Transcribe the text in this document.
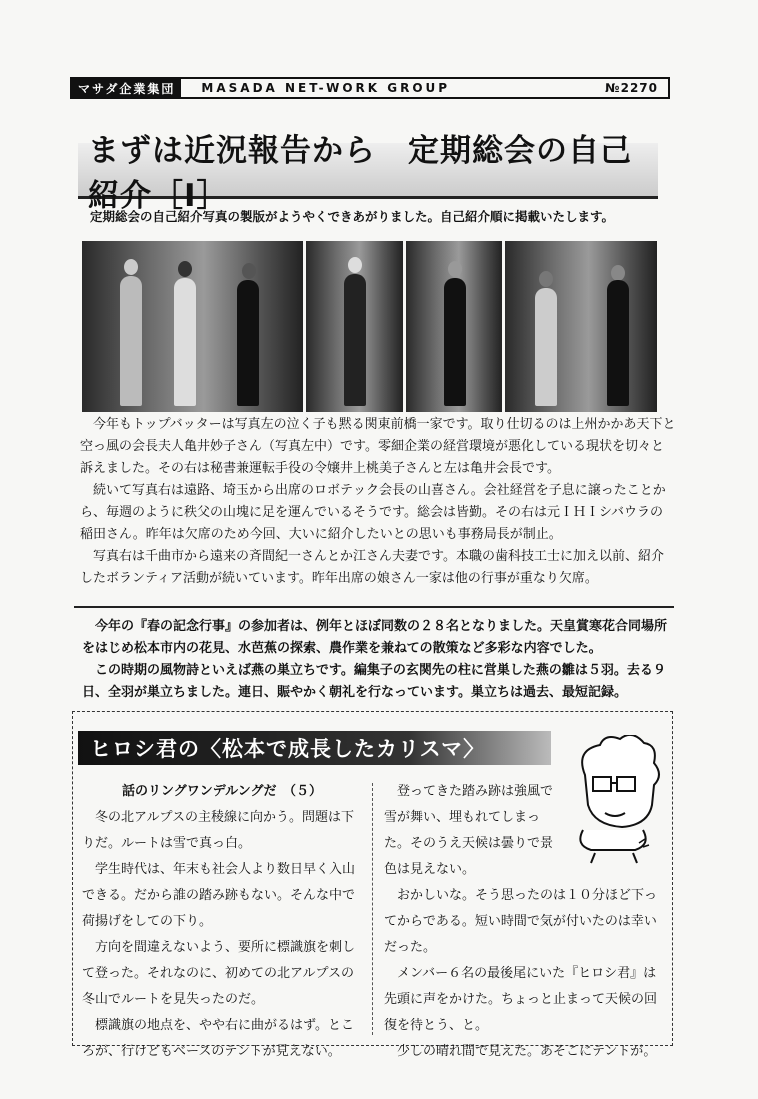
マサダ企業集団	MASADA NET-WORK GROUP	№2270
まずは近況報告から　定期総会の自己紹介［Ⅰ］
定期総会の自己紹介写真の製版がようやくできあがりました。自己紹介順に掲載いたします。

今年もトップバッターは写真左の泣く子も黙る関東前橋一家です。取り仕切るのは上州かかあ天下と空っ風の会長夫人亀井妙子さん（写真左中）です。零細企業の経営環境が悪化している現状を切々と訴えました。その右は秘書兼運転手役の令嬢井上桃美子さんと左は亀井会長です。

続いて写真右は遠路、埼玉から出席のロボテック会長の山喜さん。会社経営を子息に譲ったことから、毎週のように秩父の山塊に足を運んでいるそうです。総会は皆勤。その右は元ＩＨＩシバウラの稲田さん。昨年は欠席のため今回、大いに紹介したいとの思いも事務局長が制止。

写真右は千曲市から遠来の斉間紀一さんとか江さん夫妻です。本職の歯科技工士に加え以前、紹介したボランティア活動が続いています。昨年出席の娘さん一家は他の行事が重なり欠席。

今年の『春の記念行事』の参加者は、例年とほぼ同数の２８名となりました。天皇賞寒花合同場所をはじめ松本市内の花見、水芭蕉の探索、農作業を兼ねての散策など多彩な内容でした。

この時期の風物詩といえば燕の巣立ちです。編集子の玄関先の柱に営巣した燕の雛は５羽。去る９日、全羽が巣立ちました。連日、賑やかく朝礼を行なっています。巣立ちは過去、最短記録。

ヒロシ君の〈松本で成長したカリスマ〉

話のリングワンデルングだ　（５）

冬の北アルプスの主稜線に向かう。問題は下りだ。ルートは雪で真っ白。

学生時代は、年末も社会人より数日早く入山できる。だから誰の踏み跡もない。そんな中で荷揚げをしての下り。

方向を間違えないよう、要所に標識旗を刺して登った。それなのに、初めての北アルプスの冬山でルートを見失ったのだ。

標識旗の地点を、やや右に曲がるはず。ところが、行けどもベースのテントが見えない。

登ってきた踏み跡は強風で雪が舞い、埋もれてしまった。そのうえ天候は曇りで景色は見えない。

おかしいな。そう思ったのは１０分ほど下ってからである。短い時間で気が付いたのは幸いだった。

メンバー６名の最後尾にいた『ヒロシ君』は先頭に声をかけた。ちょっと止まって天候の回復を待とう、と。

少しの晴れ間で見えた。あそこにテントが。
